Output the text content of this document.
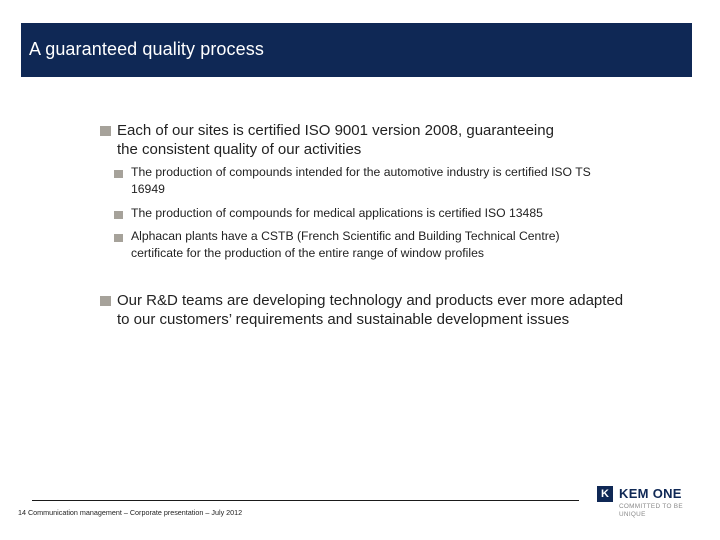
A guaranteed quality process
Each of our sites is certified ISO 9001 version 2008, guaranteeing
the consistent quality of our activities
The production of compounds intended for the automotive industry is certified ISO TS
16949
The production of compounds for medical applications is certified ISO 13485
Alphacan plants have a CSTB (French Scientific and Building Technical Centre)
certificate for the production of the entire range of window profiles
Our R&D teams are developing technology and products ever more adapted
to our customers’ requirements and sustainable development issues
14 Communication management – Corporate presentation – July 2012
K KEM ONE
COMMITTED TO BE
UNIQUE
